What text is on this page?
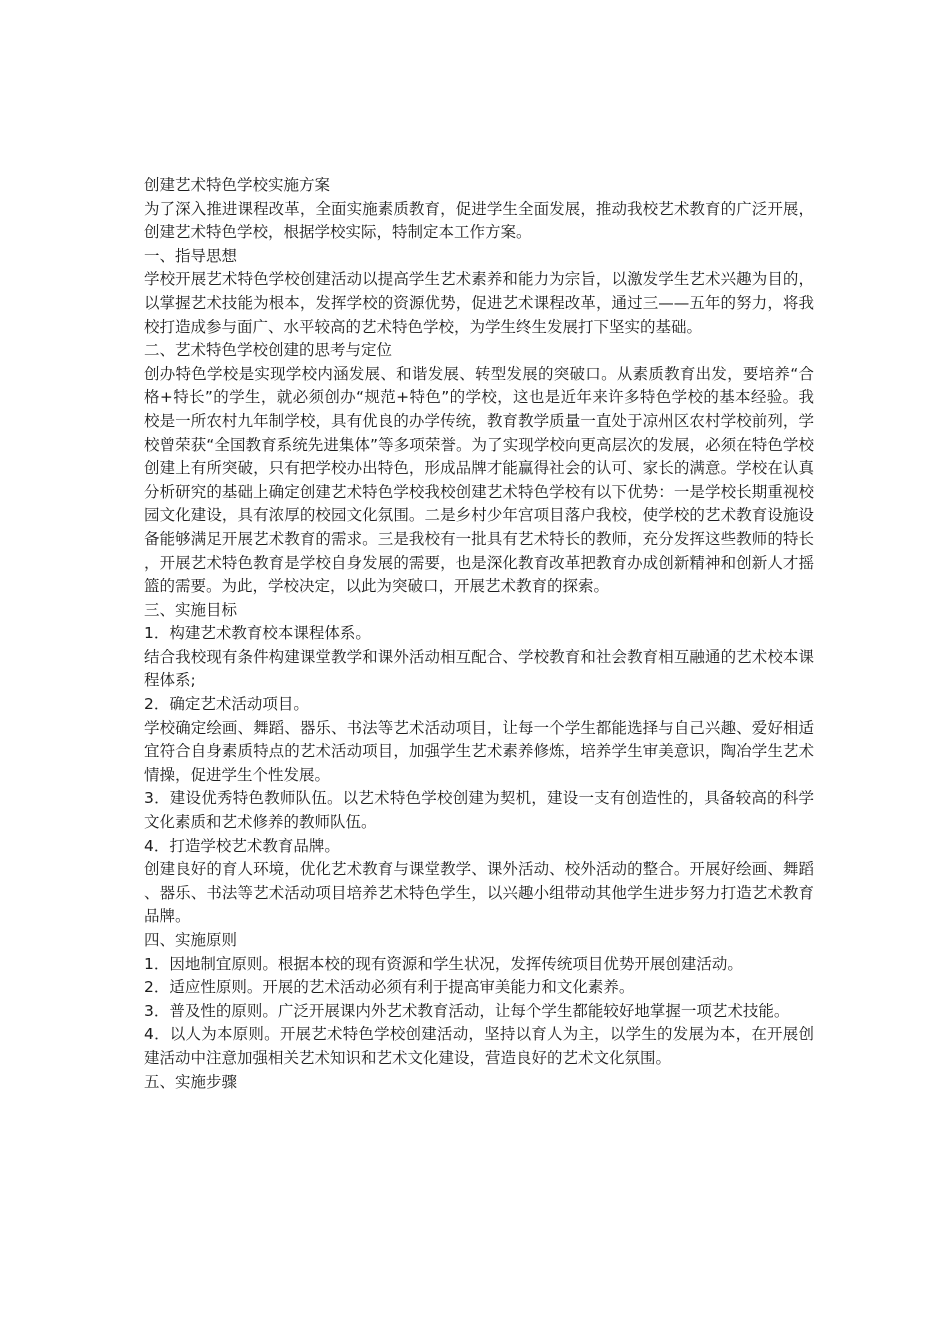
创建艺术特色学校实施方案

为了深入推进课程改革，全面实施素质教育，促进学生全面发展，推动我校艺术教育的广泛开展，创建艺术特色学校，根据学校实际，特制定本工作方案。

一、指导思想

学校开展艺术特色学校创建活动以提高学生艺术素养和能力为宗旨，以激发学生艺术兴趣为目的，以掌握艺术技能为根本，发挥学校的资源优势，促进艺术课程改革，通过三——五年的努力，将我校打造成参与面广、水平较高的艺术特色学校，为学生终生发展打下坚实的基础。

二、艺术特色学校创建的思考与定位

创办特色学校是实现学校内涵发展、和谐发展、转型发展的突破口。从素质教育出发，要培养“合格+特长”的学生，就必须创办“规范+特色”的学校，这也是近年来许多特色学校的基本经验。我校是一所农村九年制学校，具有优良的办学传统，教育教学质量一直处于凉州区农村学校前列，学校曾荣获“全国教育系统先进集体”等多项荣誉。为了实现学校向更高层次的发展，必须在特色学校创建上有所突破，只有把学校办出特色，形成品牌才能赢得社会的认可、家长的满意。学校在认真分析研究的基础上确定创建艺术特色学校我校创建艺术特色学校有以下优势：一是学校长期重视校园文化建设，具有浓厚的校园文化氛围。二是乡村少年宫项目落户我校，使学校的艺术教育设施设备能够满足开展艺术教育的需求。三是我校有一批具有艺术特长的教师，充分发挥这些教师的特长，开展艺术特色教育是学校自身发展的需要，也是深化教育改革把教育办成创新精神和创新人才摇篮的需要。为此，学校决定，以此为突破口，开展艺术教育的探索。

三、实施目标

1．构建艺术教育校本课程体系。

结合我校现有条件构建课堂教学和课外活动相互配合、学校教育和社会教育相互融通的艺术校本课程体系;

2．确定艺术活动项目。

学校确定绘画、舞蹈、器乐、书法等艺术活动项目，让每一个学生都能选择与自己兴趣、爱好相适宜符合自身素质特点的艺术活动项目，加强学生艺术素养修炼，培养学生审美意识，陶冶学生艺术情操，促进学生个性发展。

3．建设优秀特色教师队伍。以艺术特色学校创建为契机，建设一支有创造性的，具备较高的科学文化素质和艺术修养的教师队伍。

4．打造学校艺术教育品牌。

创建良好的育人环境，优化艺术教育与课堂教学、课外活动、校外活动的整合。开展好绘画、舞蹈、器乐、书法等艺术活动项目培养艺术特色学生，以兴趣小组带动其他学生进步努力打造艺术教育品牌。

四、实施原则

1．因地制宜原则。根据本校的现有资源和学生状况，发挥传统项目优势开展创建活动。

2．适应性原则。开展的艺术活动必须有利于提高审美能力和文化素养。

3．普及性的原则。广泛开展课内外艺术教育活动，让每个学生都能较好地掌握一项艺术技能。

4．以人为本原则。开展艺术特色学校创建活动，坚持以育人为主，以学生的发展为本，在开展创建活动中注意加强相关艺术知识和艺术文化建设，营造良好的艺术文化氛围。

五、实施步骤
